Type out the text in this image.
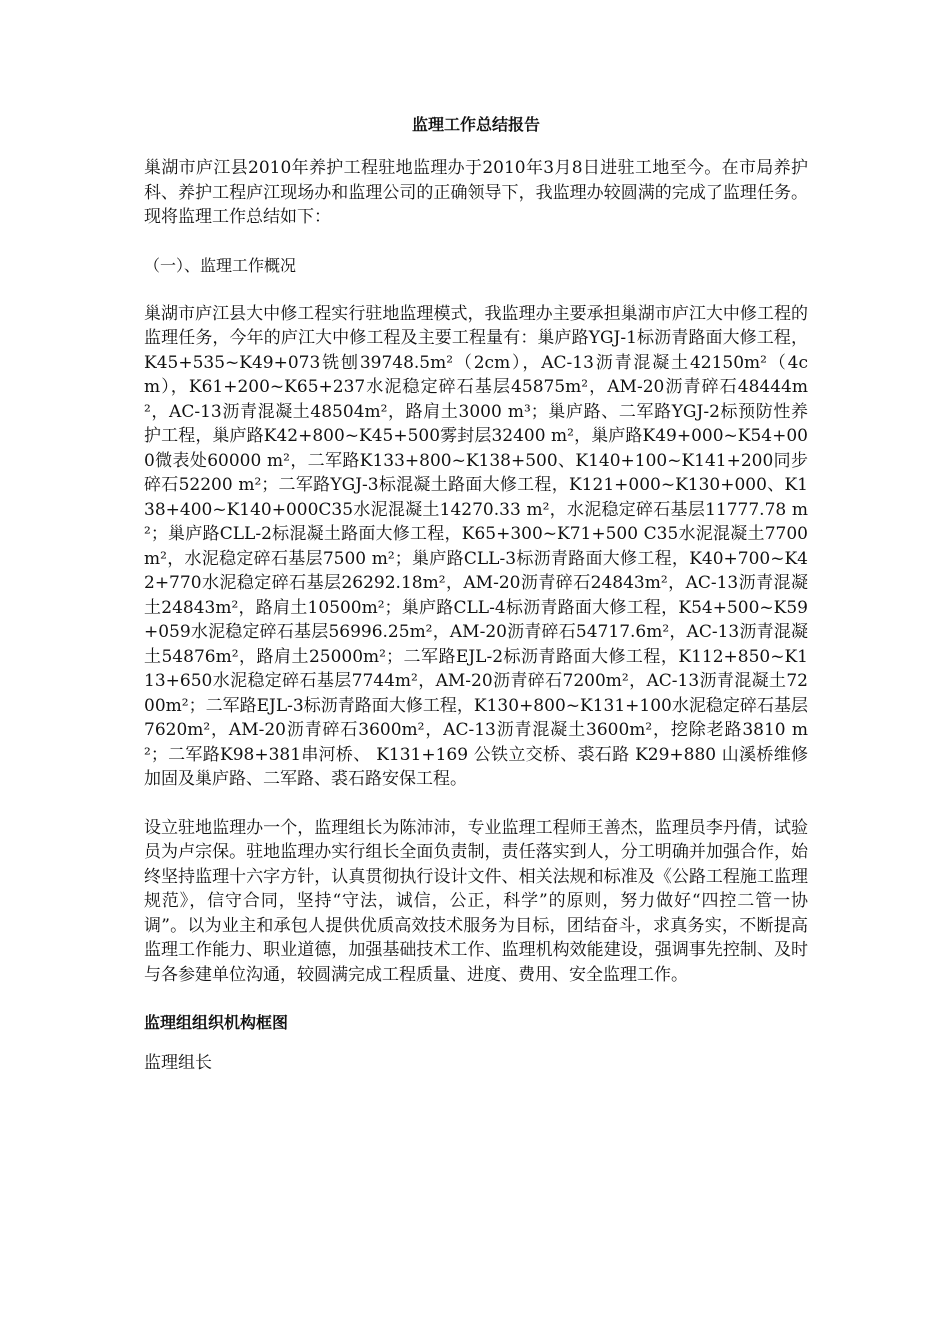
监理工作总结报告

巢湖市庐江县2010年养护工程驻地监理办于2010年3月8日进驻工地至今。在市局养护科、养护工程庐江现场办和监理公司的正确领导下，我监理办较圆满的完成了监理任务。现将监理工作总结如下：

（一）、监理工作概况

巢湖市庐江县大中修工程实行驻地监理模式，我监理办主要承担巢湖市庐江大中修工程的监理任务，今年的庐江大中修工程及主要工程量有：巢庐路YGJ-1标沥青路面大修工程，K45+535~K49+073铣刨39748.5m²（2cm），AC-13沥青混凝土42150m²（4cm），K61+200~K65+237水泥稳定碎石基层45875m²，AM-20沥青碎石48444m²，AC-13沥青混凝土48504m²，路肩土3000 m³；巢庐路、二军路YGJ-2标预防性养护工程，巢庐路K42+800~K45+500雾封层32400 m²，巢庐路K49+000~K54+000微表处60000 m²，二军路K133+800~K138+500、K140+100~K141+200同步碎石52200 m²；二军路YGJ-3标混凝土路面大修工程，K121+000~K130+000、K138+400~K140+000C35水泥混凝土14270.33 m²，水泥稳定碎石基层11777.78 m²；巢庐路CLL-2标混凝土路面大修工程，K65+300~K71+500 C35水泥混凝土7700 m²，水泥稳定碎石基层7500 m²；巢庐路CLL-3标沥青路面大修工程，K40+700~K42+770水泥稳定碎石基层26292.18m²，AM-20沥青碎石24843m²，AC-13沥青混凝土24843m²，路肩土10500m²；巢庐路CLL-4标沥青路面大修工程，K54+500~K59+059水泥稳定碎石基层56996.25m²，AM-20沥青碎石54717.6m²，AC-13沥青混凝土54876m²，路肩土25000m²；二军路EJL-2标沥青路面大修工程，K112+850~K113+650水泥稳定碎石基层7744m²，AM-20沥青碎石7200m²，AC-13沥青混凝土7200m²；二军路EJL-3标沥青路面大修工程，K130+800~K131+100水泥稳定碎石基层7620m²，AM-20沥青碎石3600m²，AC-13沥青混凝土3600m²，挖除老路3810 m²；二军路K98+381串河桥、 K131+169 公铁立交桥、裘石路 K29+880 山溪桥维修加固及巢庐路、二军路、裘石路安保工程。

设立驻地监理办一个，监理组长为陈沛沛，专业监理工程师王善杰，监理员李丹倩，试验员为卢宗保。驻地监理办实行组长全面负责制，责任落实到人，分工明确并加强合作，始终坚持监理十六字方针，认真贯彻执行设计文件、相关法规和标准及《公路工程施工监理规范》，信守合同，坚持“守法，诚信，公正，科学”的原则，努力做好“四控二管一协调”。以为业主和承包人提供优质高效技术服务为目标，团结奋斗，求真务实，不断提高监理工作能力、职业道德，加强基础技术工作、监理机构效能建设，强调事先控制、及时与各参建单位沟通，较圆满完成工程质量、进度、费用、安全监理工作。

监理组组织机构框图

监理组长
